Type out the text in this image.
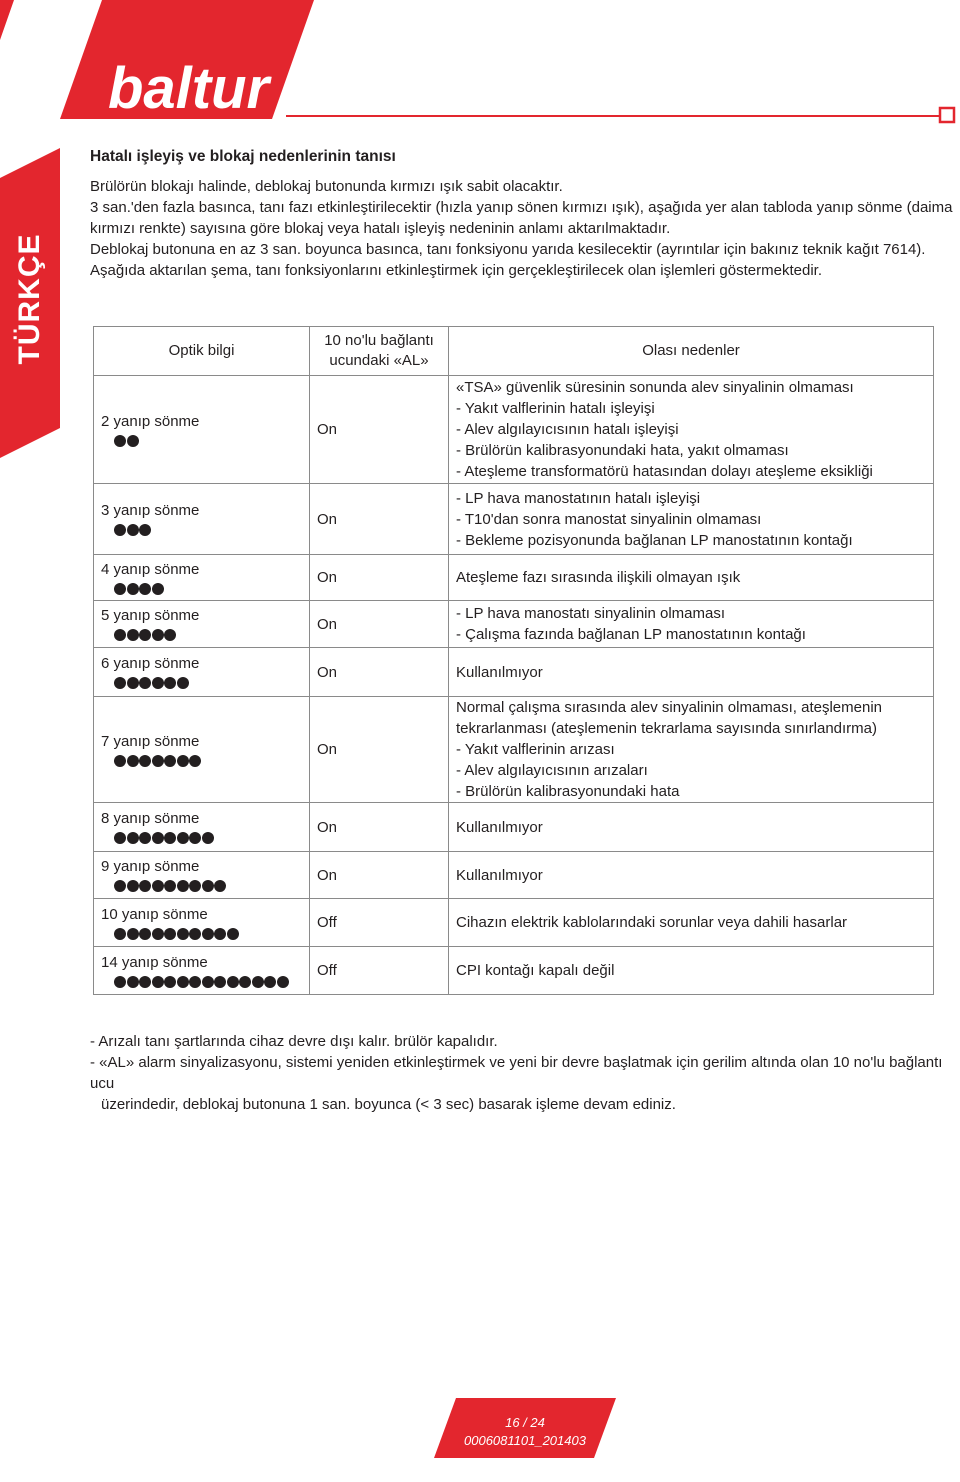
baltur
TÜRKÇE
Hatalı işleyiş ve blokaj nedenlerinin tanısı

Brülörün blokajı halinde, deblokaj butonunda kırmızı ışık sabit olacaktır.

3 san.'den fazla basınca, tanı fazı etkinleştirilecektir (hızla yanıp sönen kırmızı ışık), aşağıda yer alan tabloda yanıp sönme (daima kırmızı renkte) sayısına göre blokaj veya hatalı işleyiş nedeninin anlamı aktarılmaktadır.

Deblokaj butonuna en az 3 san. boyunca basınca, tanı fonksiyonu yarıda kesilecektir (ayrıntılar için bakınız teknik kağıt 7614).

Aşağıda aktarılan şema, tanı fonksiyonlarını etkinleştirmek için gerçekleştirilecek olan işlemleri göstermektedir.

Optik bilgi	10 no'lu bağlantı ucundaki «AL»	Olası nedenler

2 yanıp sönme	On	«TSA» güvenlik süresinin sonunda alev sinyalinin olmaması
- Yakıt valflerinin hatalı işleyişi
- Alev algılayıcısının hatalı işleyişi
- Brülörün kalibrasyonundaki hata, yakıt olmaması
- Ateşleme transformatörü hatasından dolayı ateşleme eksikliği

3 yanıp sönme	On	- LP hava manostatının hatalı işleyişi
- T10'dan sonra manostat sinyalinin olmaması
- Bekleme pozisyonunda bağlanan LP manostatının kontağı

4 yanıp sönme	On	Ateşleme fazı sırasında ilişkili olmayan ışık

5 yanıp sönme	On	- LP hava manostatı sinyalinin olmaması
- Çalışma fazında bağlanan LP manostatının kontağı

6 yanıp sönme	On	Kullanılmıyor

7 yanıp sönme	On	Normal çalışma sırasında alev sinyalinin olmaması, ateşlemenin
tekrarlanması (ateşlemenin tekrarlama sayısında sınırlandırma)
- Yakıt valflerinin arızası
- Alev algılayıcısının arızaları
- Brülörün kalibrasyonundaki hata

8 yanıp sönme	On	Kullanılmıyor

9 yanıp sönme	On	Kullanılmıyor

10 yanıp sönme	Off	Cihazın elektrik kablolarındaki sorunlar veya dahili hasarlar

14 yanıp sönme	Off	CPI kontağı kapalı değil

- Arızalı tanı şartlarında cihaz devre dışı kalır. brülör kapalıdır.

- «AL» alarm sinyalizasyonu, sistemi yeniden etkinleştirmek ve yeni bir devre başlatmak için gerilim altında olan 10 no'lu bağlantı ucu

üzerindedir, deblokaj butonuna 1 san. boyunca (< 3 sec) basarak işleme devam ediniz.

16 / 24
0006081101_201403
